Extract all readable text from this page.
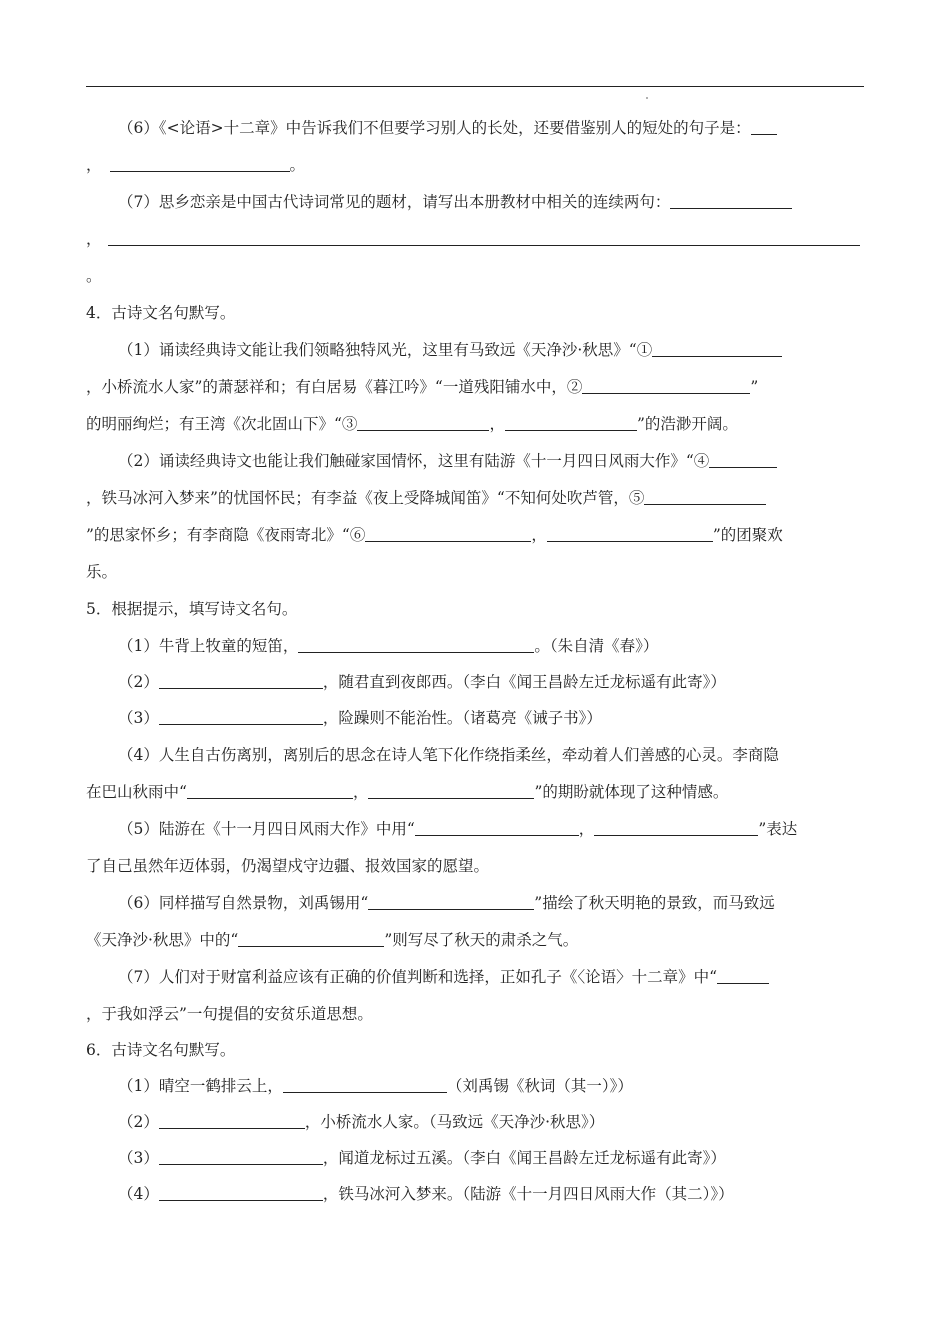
（6）《<论语>十二章》中告诉我们不但要学习别人的长处，还要借鉴别人的短处的句子是：
，	。
（7）思乡恋亲是中国古代诗词常见的题材，请写出本册教材中相关的连续两句：
，
。
4．古诗文名句默写。
（1）诵读经典诗文能让我们领略独特风光，这里有马致远《天净沙·秋思》“①
，小桥流水人家”的萧瑟祥和；有白居易《暮江吟》“一道残阳铺水中，②	”
的明丽绚烂；有王湾《次北固山下》“③	，	”的浩渺开阔。
（2）诵读经典诗文也能让我们触碰家国情怀，这里有陆游《十一月四日风雨大作》“④
，铁马冰河入梦来”的忧国怀民；有李益《夜上受降城闻笛》“不知何处吹芦管，⑤
”的思家怀乡；有李商隐《夜雨寄北》“⑥	，	”的团聚欢
乐。
5．根据提示，填写诗文名句。
（1）牛背上牧童的短笛，	。（朱自清《春》）
（2）	，随君直到夜郎西。（李白《闻王昌龄左迁龙标遥有此寄》）
（3）	，险躁则不能治性。（诸葛亮《诫子书》）
（4）人生自古伤离别，离别后的思念在诗人笔下化作绕指柔丝，牵动着人们善感的心灵。李商隐
在巴山秋雨中“	，	”的期盼就体现了这种情感。
（5）陆游在《十一月四日风雨大作》中用“	，	”表达
了自己虽然年迈体弱，仍渴望戍守边疆、报效国家的愿望。
（6）同样描写自然景物，刘禹锡用“	”描绘了秋天明艳的景致，而马致远
《天净沙·秋思》中的“	”则写尽了秋天的肃杀之气。
（7）人们对于财富利益应该有正确的价值判断和选择，正如孔子《〈论语〉十二章》中“
，于我如浮云”一句提倡的安贫乐道思想。
6．古诗文名句默写。
（1）晴空一鹤排云上，	（刘禹锡《秋词（其一）》）
（2）	，小桥流水人家。（马致远《天净沙·秋思》）
（3）	，闻道龙标过五溪。（李白《闻王昌龄左迁龙标遥有此寄》）
（4）	，铁马冰河入梦来。（陆游《十一月四日风雨大作（其二）》）
